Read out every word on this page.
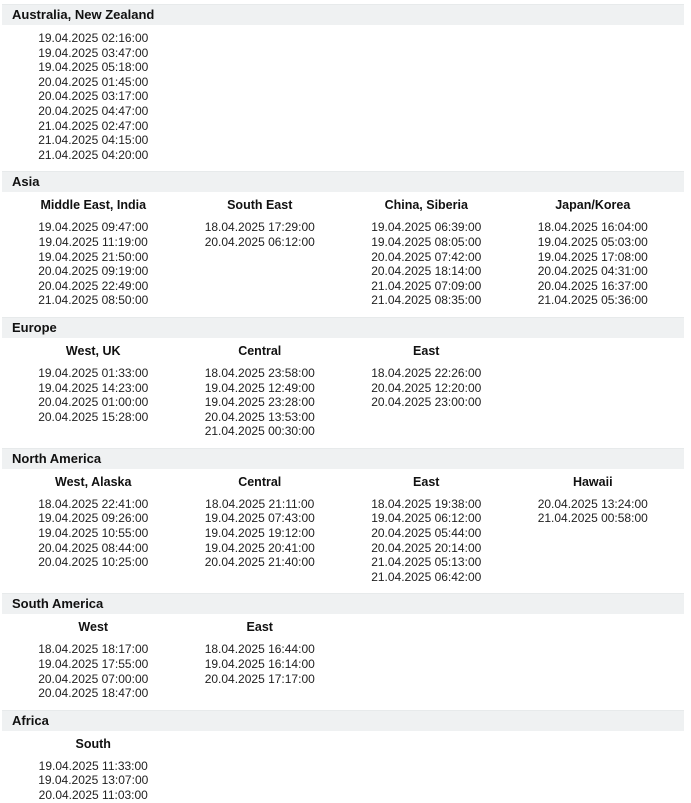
Australia, New Zealand
19.04.2025 02:16:00
19.04.2025 03:47:00
19.04.2025 05:18:00
20.04.2025 01:45:00
20.04.2025 03:17:00
20.04.2025 04:47:00
21.04.2025 02:47:00
21.04.2025 04:15:00
21.04.2025 04:20:00
Asia
Middle East, India
19.04.2025 09:47:00
19.04.2025 11:19:00
19.04.2025 21:50:00
20.04.2025 09:19:00
20.04.2025 22:49:00
21.04.2025 08:50:00
South East
18.04.2025 17:29:00
20.04.2025 06:12:00
China, Siberia
19.04.2025 06:39:00
19.04.2025 08:05:00
20.04.2025 07:42:00
20.04.2025 18:14:00
21.04.2025 07:09:00
21.04.2025 08:35:00
Japan/Korea
18.04.2025 16:04:00
19.04.2025 05:03:00
19.04.2025 17:08:00
20.04.2025 04:31:00
20.04.2025 16:37:00
21.04.2025 05:36:00
Europe
West, UK
19.04.2025 01:33:00
19.04.2025 14:23:00
20.04.2025 01:00:00
20.04.2025 15:28:00
Central
18.04.2025 23:58:00
19.04.2025 12:49:00
19.04.2025 23:28:00
20.04.2025 13:53:00
21.04.2025 00:30:00
East
18.04.2025 22:26:00
20.04.2025 12:20:00
20.04.2025 23:00:00
North America
West, Alaska
18.04.2025 22:41:00
19.04.2025 09:26:00
19.04.2025 10:55:00
20.04.2025 08:44:00
20.04.2025 10:25:00
Central
18.04.2025 21:11:00
19.04.2025 07:43:00
19.04.2025 19:12:00
19.04.2025 20:41:00
20.04.2025 21:40:00
East
18.04.2025 19:38:00
19.04.2025 06:12:00
20.04.2025 05:44:00
20.04.2025 20:14:00
21.04.2025 05:13:00
21.04.2025 06:42:00
Hawaii
20.04.2025 13:24:00
21.04.2025 00:58:00
South America
West
18.04.2025 18:17:00
19.04.2025 17:55:00
20.04.2025 07:00:00
20.04.2025 18:47:00
East
18.04.2025 16:44:00
19.04.2025 16:14:00
20.04.2025 17:17:00
Africa
South
19.04.2025 11:33:00
19.04.2025 13:07:00
20.04.2025 11:03:00
